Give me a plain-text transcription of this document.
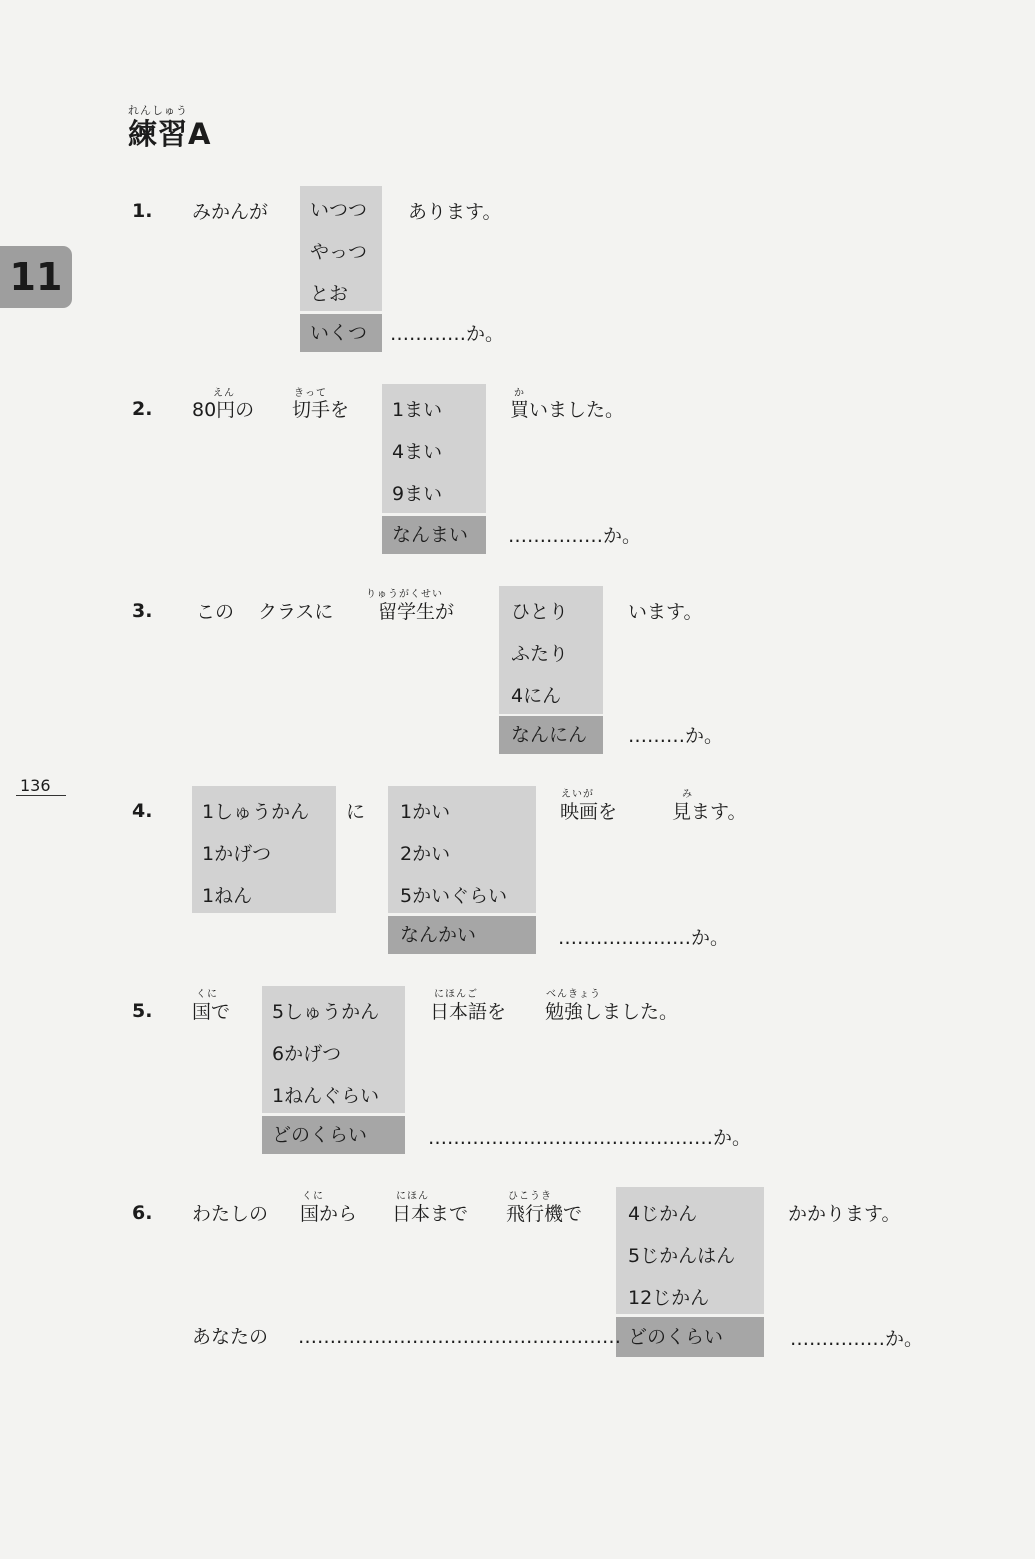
れんしゅう
練習A
11
136
1. みかんが いつつ
やっつ
とお
いくつ
あります。
…………か。
2.
えん
80円の
きって
切手を 1まい
4まい
9まい
なんまい
か
買いました。
……………か。
3. この クラスに
りゅうがくせい
留学生が	ひとり
ふたり
4にん
なんにん
います。
………か。
4.	1しゅうかん
1かげつ
1ねん
に 1かい
2かい
5かいぐらい
なんかい
えいが
映画を
み
見ます。
…………………か。
5.
くに
国で 5しゅうかん
6かげつ
1ねんぐらい
どのくらい
にほんご
日本語を
べんきょう
勉強しました。
………………………………………か。
6. わたしの
くに
国から
にほん
日本まで
ひこうき
飛行機で 4じかん
5じかんはん
12じかん
どのくらい
かかります。
あなたの ……………………………………………	……………か。
